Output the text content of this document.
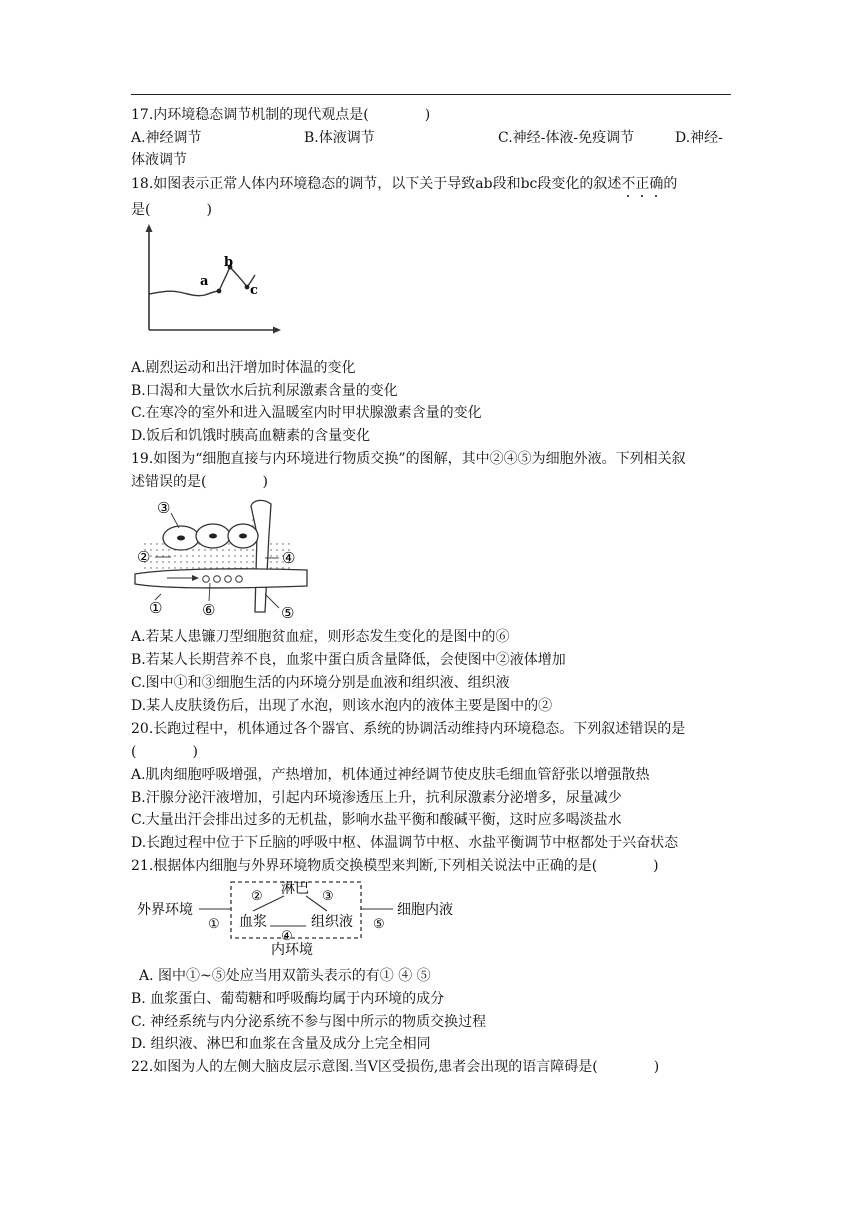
17.内环境稳态调节机制的现代观点是(　　　　)
A.神经调节	B.体液调节	C.神经-体液-免疫调节	D.神经-
体液调节
18.如图表示正常人体内环境稳态的调节，以下关于导致ab段和bc段变化的叙述不正确的
是(　　　　)
a
b
c
A.剧烈运动和出汗增加时体温的变化
B.口渴和大量饮水后抗利尿激素含量的变化
C.在寒冷的室外和进入温暖室内时甲状腺激素含量的变化
D.饭后和饥饿时胰高血糖素的含量变化
19.如图为“细胞直接与内环境进行物质交换”的图解，其中②④⑤为细胞外液。下列相关叙
述错误的是(　　　　)
③
②	④
①	⑥	⑤
A.若某人患镰刀型细胞贫血症，则形态发生变化的是图中的⑥
B.若某人长期营养不良，血浆中蛋白质含量降低，会使图中②液体增加
C.图中①和③细胞生活的内环境分别是血液和组织液、组织液
D.某人皮肤烫伤后，出现了水泡，则该水泡内的液体主要是图中的②
20.长跑过程中，机体通过各个器官、系统的协调活动维持内环境稳态。下列叙述错误的是
(　　　　)
A.肌肉细胞呼吸增强，产热增加，机体通过神经调节使皮肤毛细血管舒张以增强散热
B.汗腺分泌汗液增加，引起内环境渗透压上升，抗利尿激素分泌增多，尿量减少
C.大量出汗会排出过多的无机盐，影响水盐平衡和酸碱平衡，这时应多喝淡盐水
D.长跑过程中位于下丘脑的呼吸中枢、体温调节中枢、水盐平衡调节中枢都处于兴奋状态
21.根据体内细胞与外界环境物质交换模型来判断,下列相关说法中正确的是(　　　　)
外界环境
淋巴
血浆	组织液
细胞内液
内环境
①
②	③
④
⑤
A. 图中①~⑤处应当用双箭头表示的有① ④ ⑤
B. 血浆蛋白、葡萄糖和呼吸酶均属于内环境的成分
C. 神经系统与内分泌系统不参与图中所示的物质交换过程
D. 组织液、淋巴和血浆在含量及成分上完全相同
22.如图为人的左侧大脑皮层示意图.当V区受损伤,患者会出现的语言障碍是(　　　　)
